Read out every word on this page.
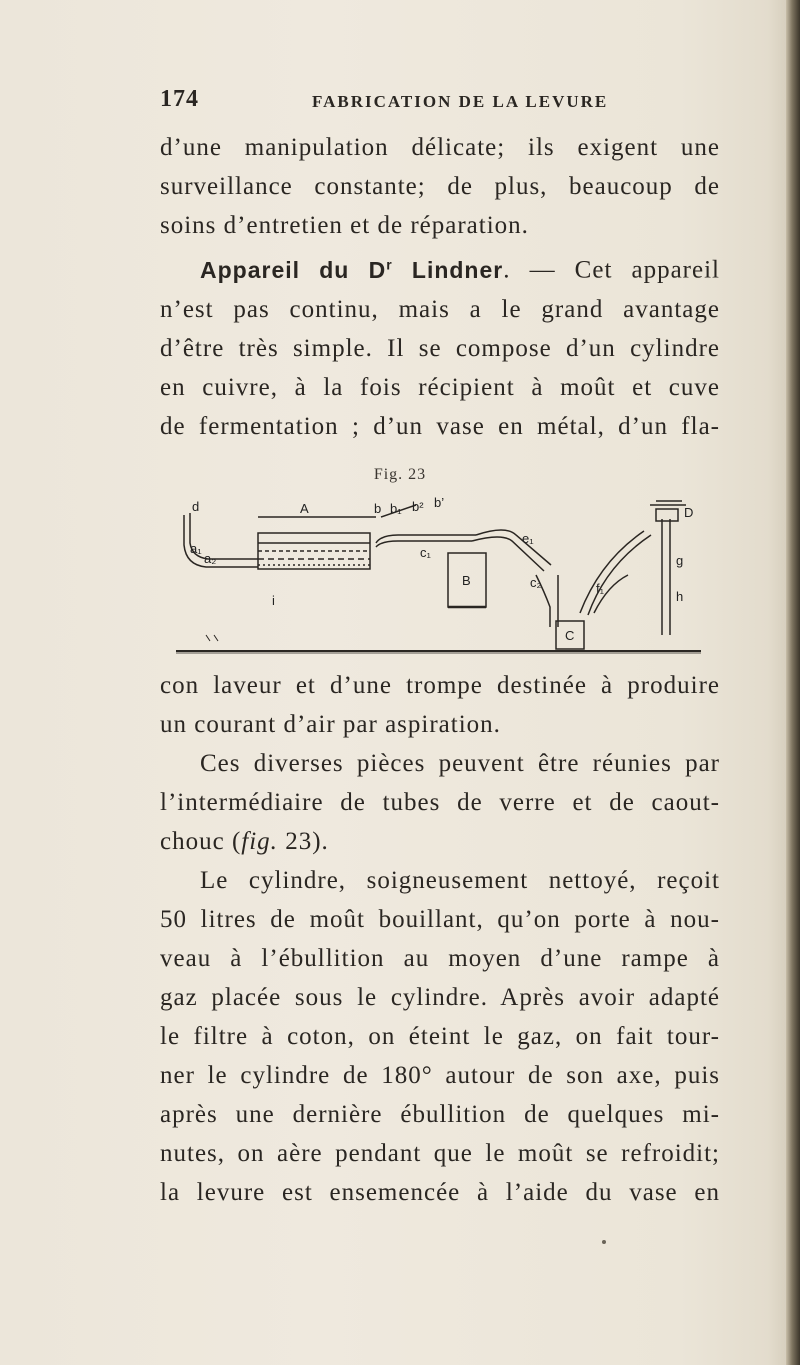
174	FABRICATION DE LA LEVURE

d’une manipulation délicate; ils exigent une

surveillance constante; de plus, beaucoup de

soins d’entretien et de réparation.

Appareil du $D^r$ Lindner. — Cet appareil

n’est pas continu, mais a le grand avantage

d’être très simple. Il se compose d’un cylindre

en cuivre, à la fois récipient à moût et cuve

de fermentation ; d’un vase en métal, d’un fla-

Fig. 23
d	A
a₁
a₂
b b₁ b² b’
c₁
e₁
c₂	f₁
B
C
D
g
h
i

con laveur et d’une trompe destinée à produire

un courant d’air par aspiration.

Ces diverses pièces peuvent être réunies par

l’intermédiaire de tubes de verre et de caout-

chouc (fig. 23).

Le cylindre, soigneusement nettoyé, reçoit

50 litres de moût bouillant, qu’on porte à nou-

veau à l’ébullition au moyen d’une rampe à

gaz placée sous le cylindre. Après avoir adapté

le filtre à coton, on éteint le gaz, on fait tour-

ner le cylindre de 180° autour de son axe, puis

après une dernière ébullition de quelques mi-

nutes, on aère pendant que le moût se refroidit;

la levure est ensemencée à l’aide du vase en
